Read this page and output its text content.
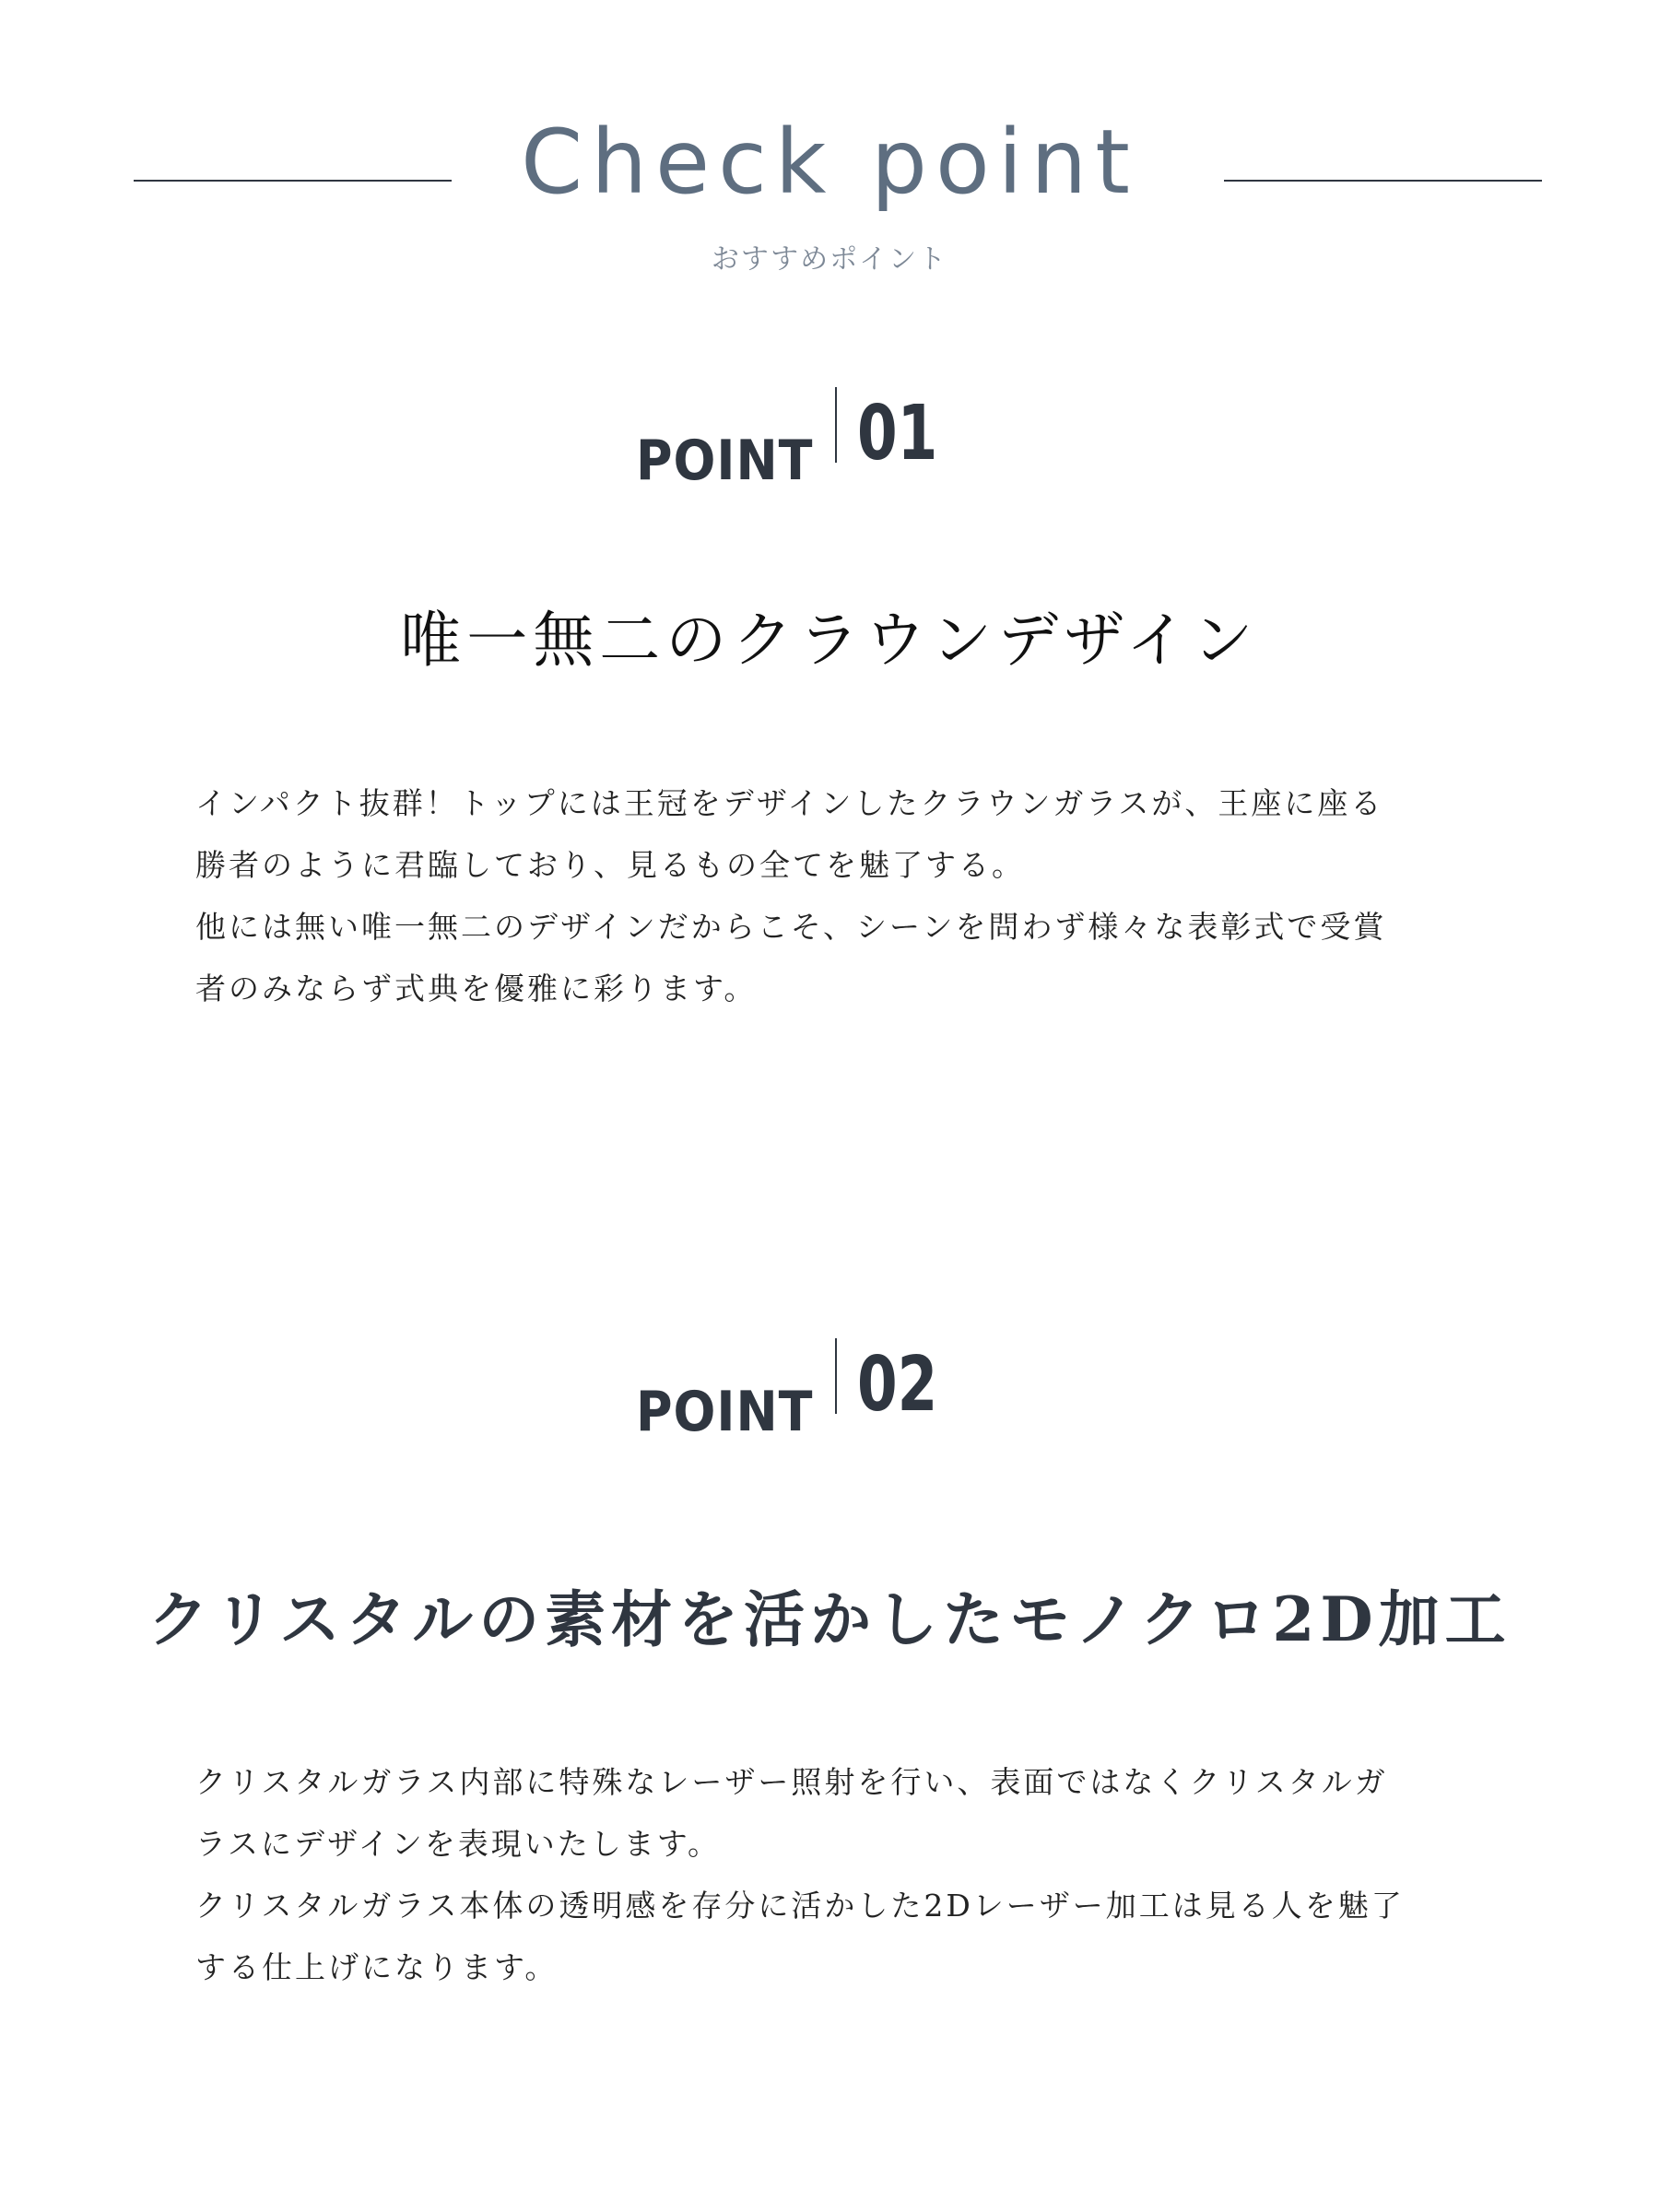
Check point
おすすめポイント
POINT 01
唯一無二のクラウンデザイン

インパクト抜群！トップには王冠をデザインしたクラウンガラスが、王座に座る

勝者のように君臨しており、見るもの全てを魅了する。

他には無い唯一無二のデザインだからこそ、シーンを問わず様々な表彰式で受賞

者のみならず式典を優雅に彩ります。

POINT 02
クリスタルの素材を活かしたモノクロ2D加工

クリスタルガラス内部に特殊なレーザー照射を行い、表面ではなくクリスタルガ

ラスにデザインを表現いたします。

クリスタルガラス本体の透明感を存分に活かした2Dレーザー加工は見る人を魅了

する仕上げになります。
